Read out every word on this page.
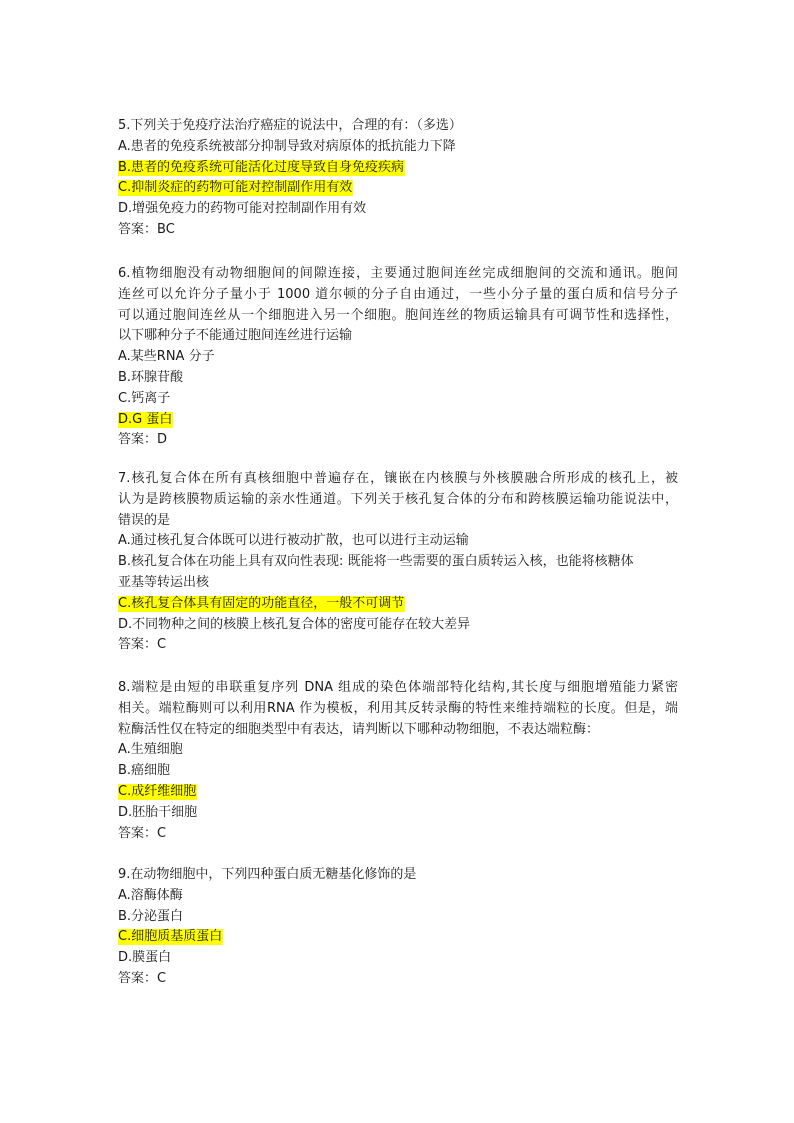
5.下列关于免疫疗法治疗癌症的说法中，合理的有：（多选）
A.患者的免疫系统被部分抑制导致对病原体的抵抗能力下降
B.患者的免疫系统可能活化过度导致自身免疫疾病
C.抑制炎症的药物可能对控制副作用有效
D.增强免疫力的药物可能对控制副作用有效
答案：BC
6.植物细胞没有动物细胞间的间隙连接，主要通过胞间连丝完成细胞间的交流和通讯。胞间
连丝可以允许分子量小于 1000 道尔顿的分子自由通过，一些小分子量的蛋白质和信号分子
可以通过胞间连丝从一个细胞进入另一个细胞。胞间连丝的物质运输具有可调节性和选择性，
以下哪种分子不能通过胞间连丝进行运输
A.某些RNA 分子
B.环腺苷酸
C.钙离子
D.G 蛋白
答案：D
7.核孔复合体在所有真核细胞中普遍存在，镶嵌在内核膜与外核膜融合所形成的核孔上，被
认为是跨核膜物质运输的亲水性通道。下列关于核孔复合体的分布和跨核膜运输功能说法中，
错误的是
A.通过核孔复合体既可以进行被动扩散，也可以进行主动运输
B.核孔复合体在功能上具有双向性表现: 既能将一些需要的蛋白质转运入核，也能将核糖体
亚基等转运出核
C.核孔复合体具有固定的功能直径，一般不可调节
D.不同物种之间的核膜上核孔复合体的密度可能存在较大差异
答案：C
8.端粒是由短的串联重复序列 DNA 组成的染色体端部特化结构,其长度与细胞增殖能力紧密
相关。端粒酶则可以利用RNA 作为模板，利用其反转录酶的特性来维持端粒的长度。但是，端
粒酶活性仅在特定的细胞类型中有表达，请判断以下哪种动物细胞，不表达端粒酶：
A.生殖细胞
B.癌细胞
C.成纤维细胞
D.胚胎干细胞
答案：C
9.在动物细胞中，下列四种蛋白质无糖基化修饰的是
A.溶酶体酶
B.分泌蛋白
C.细胞质基质蛋白
D.膜蛋白
答案：C
